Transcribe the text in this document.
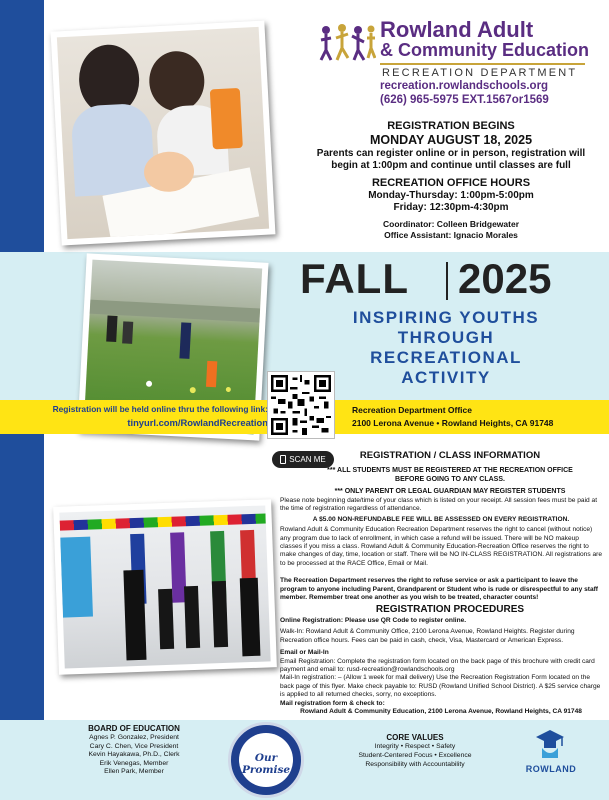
Rowland Adult
& Community Education
RECREATION DEPARTMENT
recreation.rowlandschools.org
(626) 965-5975 EXT.1567or1569
REGISTRATION BEGINS
MONDAY AUGUST 18, 2025
Parents can register online or in person, registration will
begin at 1:00pm and continue until classes are full
RECREATION OFFICE HOURS
Monday-Thursday: 1:00pm-5:00pm
Friday: 12:30pm-4:30pm
Coordinator: Colleen Bridgewater
Office Assistant: Ignacio Morales
FALL 2025
INSPIRING YOUTHS
THROUGH
RECREATIONAL
ACTIVITY
Registration will be held online thru the following link:
tinyurl.com/RowlandRecreation
Recreation Department Office
2100 Lerona Avenue • Rowland Heights, CA 91748
SCAN ME	REGISTRATION / CLASS INFORMATION
*** ALL STUDENTS MUST BE REGISTERED AT THE RECREATION OFFICE
BEFORE GOING TO ANY CLASS.
*** ONLY PARENT OR LEGAL GUARDIAN MAY REGISTER STUDENTS
Please note beginning date/time of your class which is listed on your receipt. All session fees must be paid at the time of registration regardless of attendance.
A $5.00 NON-REFUNDABLE FEE WILL BE ASSESSED ON EVERY REGISTRATION.
Rowland Adult & Community Education Recreation Department reserves the right to cancel (without notice) any program due to lack of enrollment, in which case a refund will be issued. There will be NO makeup classes if you miss a class. Rowland Adult & Community Education-Recreation Office reserves the right to make changes of day, time, location or staff. There will be NO IN-CLASS REGISTRATION. All registrations are to be processed at the RACE Office, Email or Mail.
The Recreation Department reserves the right to refuse service or ask a participant to leave the program to anyone including Parent, Grandparent or Student who is rude or disrespectful to any staff member. Remember treat one another as you wish to be treated, character counts!
REGISTRATION PROCEDURES
Online Registration: Please use QR Code to register online.
Walk-In: Rowland Adult & Community Office, 2100 Lerona Avenue, Rowland Heights. Register during Recreation office hours. Fees can be paid in cash, check, Visa, Mastercard or American Express.
Email or Mail-In
Email Registration: Complete the registration form located on the back page of this brochure with credit card payment and email to: rusd-recreation@rowlandschools.org
Mail-In registration: – (Allow 1 week for mail delivery) Use the Recreation Registration Form located on the back page of this flyer. Make check payable to: RUSD (Rowland Unified School District). A $25 service charge is applied to all returned checks, sorry, no exceptions.
Mail registration form & check to:
Rowland Adult & Community Education, 2100 Lerona Avenue, Rowland Heights, CA 91748
BOARD OF EDUCATION
Agnes P. Gonzalez, President
Cary C. Chen, Vice President
Kevin Hayakawa, Ph.D., Clerk
Erik Venegas, Member
Ellen Park, Member
Our Promise
CORE VALUES
Integrity • Respect • Safety
Student-Centered Focus • Excellence
Responsibility with Accountability	ROWLAND
